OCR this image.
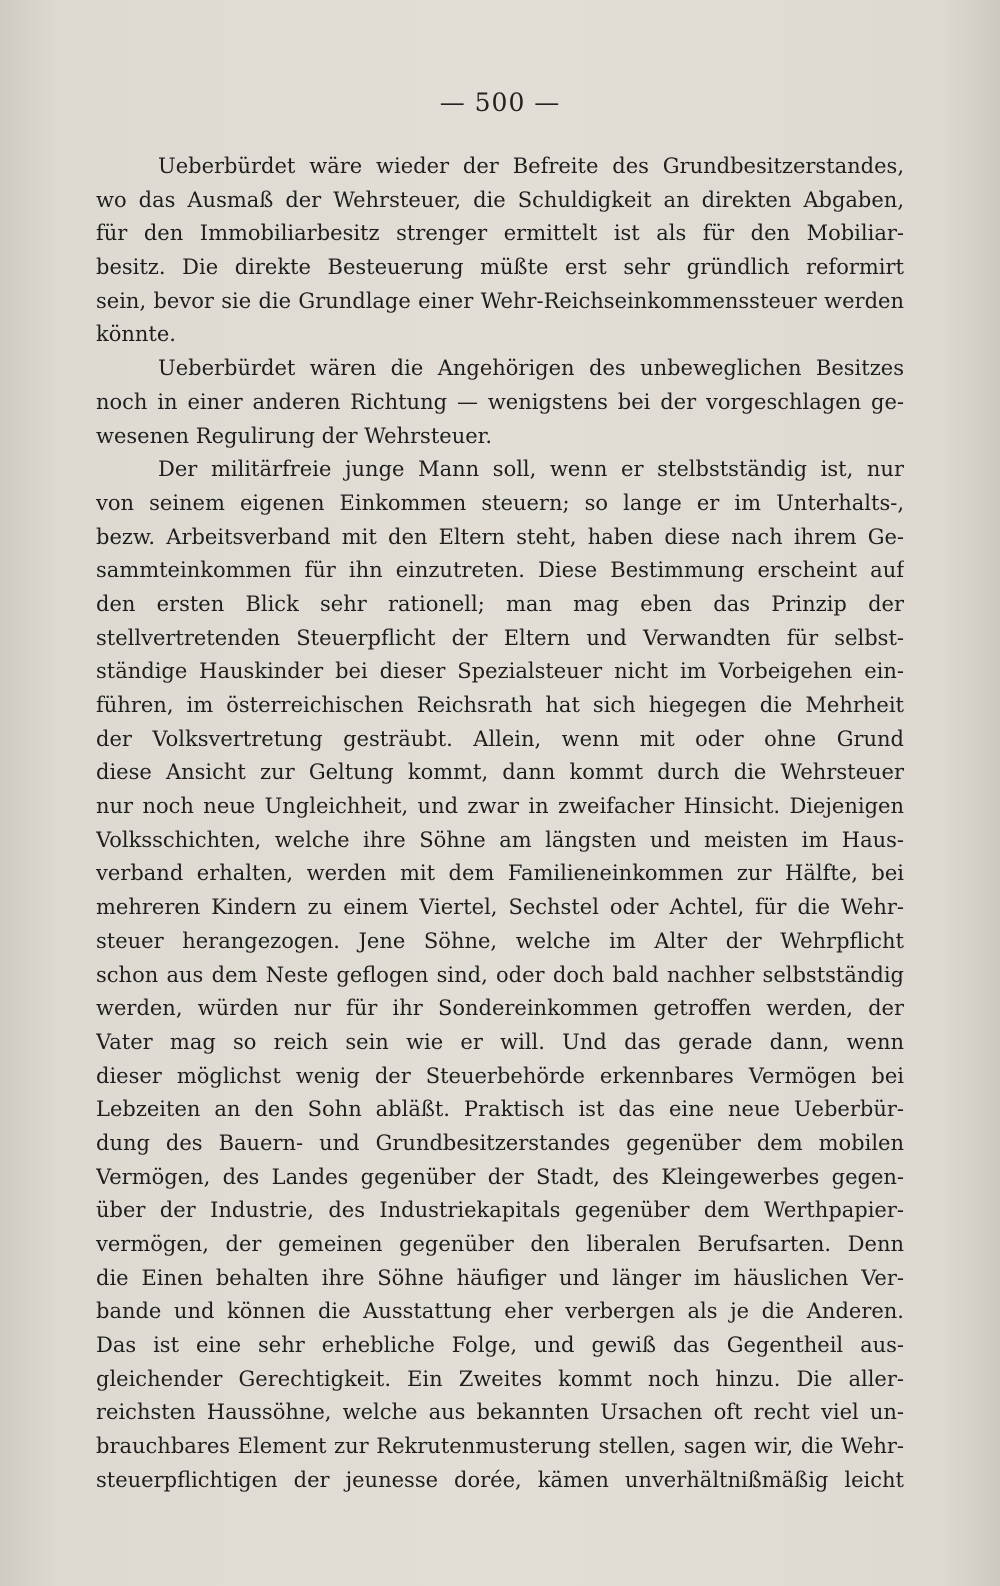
— 500 —
Ueberbürdet wäre wieder der Befreite des Grundbesitzerstandes,
wo das Ausmaß der Wehrsteuer, die Schuldigkeit an direkten Abgaben,
für den Immobiliarbesitz strenger ermittelt ist als für den Mobiliar-
besitz. Die direkte Besteuerung müßte erst sehr gründlich reformirt
sein, bevor sie die Grundlage einer Wehr-Reichseinkommenssteuer werden
könnte.
Ueberbürdet wären die Angehörigen des unbeweglichen Besitzes
noch in einer anderen Richtung — wenigstens bei der vorgeschlagen ge-
wesenen Regulirung der Wehrsteuer.
Der militärfreie junge Mann soll, wenn er stelbstständig ist, nur
von seinem eigenen Einkommen steuern; so lange er im Unterhalts-,
bezw. Arbeitsverband mit den Eltern steht, haben diese nach ihrem Ge-
sammteinkommen für ihn einzutreten. Diese Bestimmung erscheint auf
den ersten Blick sehr rationell; man mag eben das Prinzip der
stellvertretenden Steuerpflicht der Eltern und Verwandten für selbst-
ständige Hauskinder bei dieser Spezialsteuer nicht im Vorbeigehen ein-
führen, im österreichischen Reichsrath hat sich hiegegen die Mehrheit
der Volksvertretung gesträubt. Allein, wenn mit oder ohne Grund
diese Ansicht zur Geltung kommt, dann kommt durch die Wehrsteuer
nur noch neue Ungleichheit, und zwar in zweifacher Hinsicht. Diejenigen
Volksschichten, welche ihre Söhne am längsten und meisten im Haus-
verband erhalten, werden mit dem Familieneinkommen zur Hälfte, bei
mehreren Kindern zu einem Viertel, Sechstel oder Achtel, für die Wehr-
steuer herangezogen. Jene Söhne, welche im Alter der Wehrpflicht
schon aus dem Neste geflogen sind, oder doch bald nachher selbstständig
werden, würden nur für ihr Sondereinkommen getroffen werden, der
Vater mag so reich sein wie er will. Und das gerade dann, wenn
dieser möglichst wenig der Steuerbehörde erkennbares Vermögen bei
Lebzeiten an den Sohn abläßt. Praktisch ist das eine neue Ueberbür-
dung des Bauern- und Grundbesitzerstandes gegenüber dem mobilen
Vermögen, des Landes gegenüber der Stadt, des Kleingewerbes gegen-
über der Industrie, des Industriekapitals gegenüber dem Werthpapier-
vermögen, der gemeinen gegenüber den liberalen Berufsarten. Denn
die Einen behalten ihre Söhne häufiger und länger im häuslichen Ver-
bande und können die Ausstattung eher verbergen als je die Anderen.
Das ist eine sehr erhebliche Folge, und gewiß das Gegentheil aus-
gleichender Gerechtigkeit. Ein Zweites kommt noch hinzu. Die aller-
reichsten Haussöhne, welche aus bekannten Ursachen oft recht viel un-
brauchbares Element zur Rekrutenmusterung stellen, sagen wir, die Wehr-
steuerpflichtigen der jeunesse dorée, kämen unverhältnißmäßig leicht
